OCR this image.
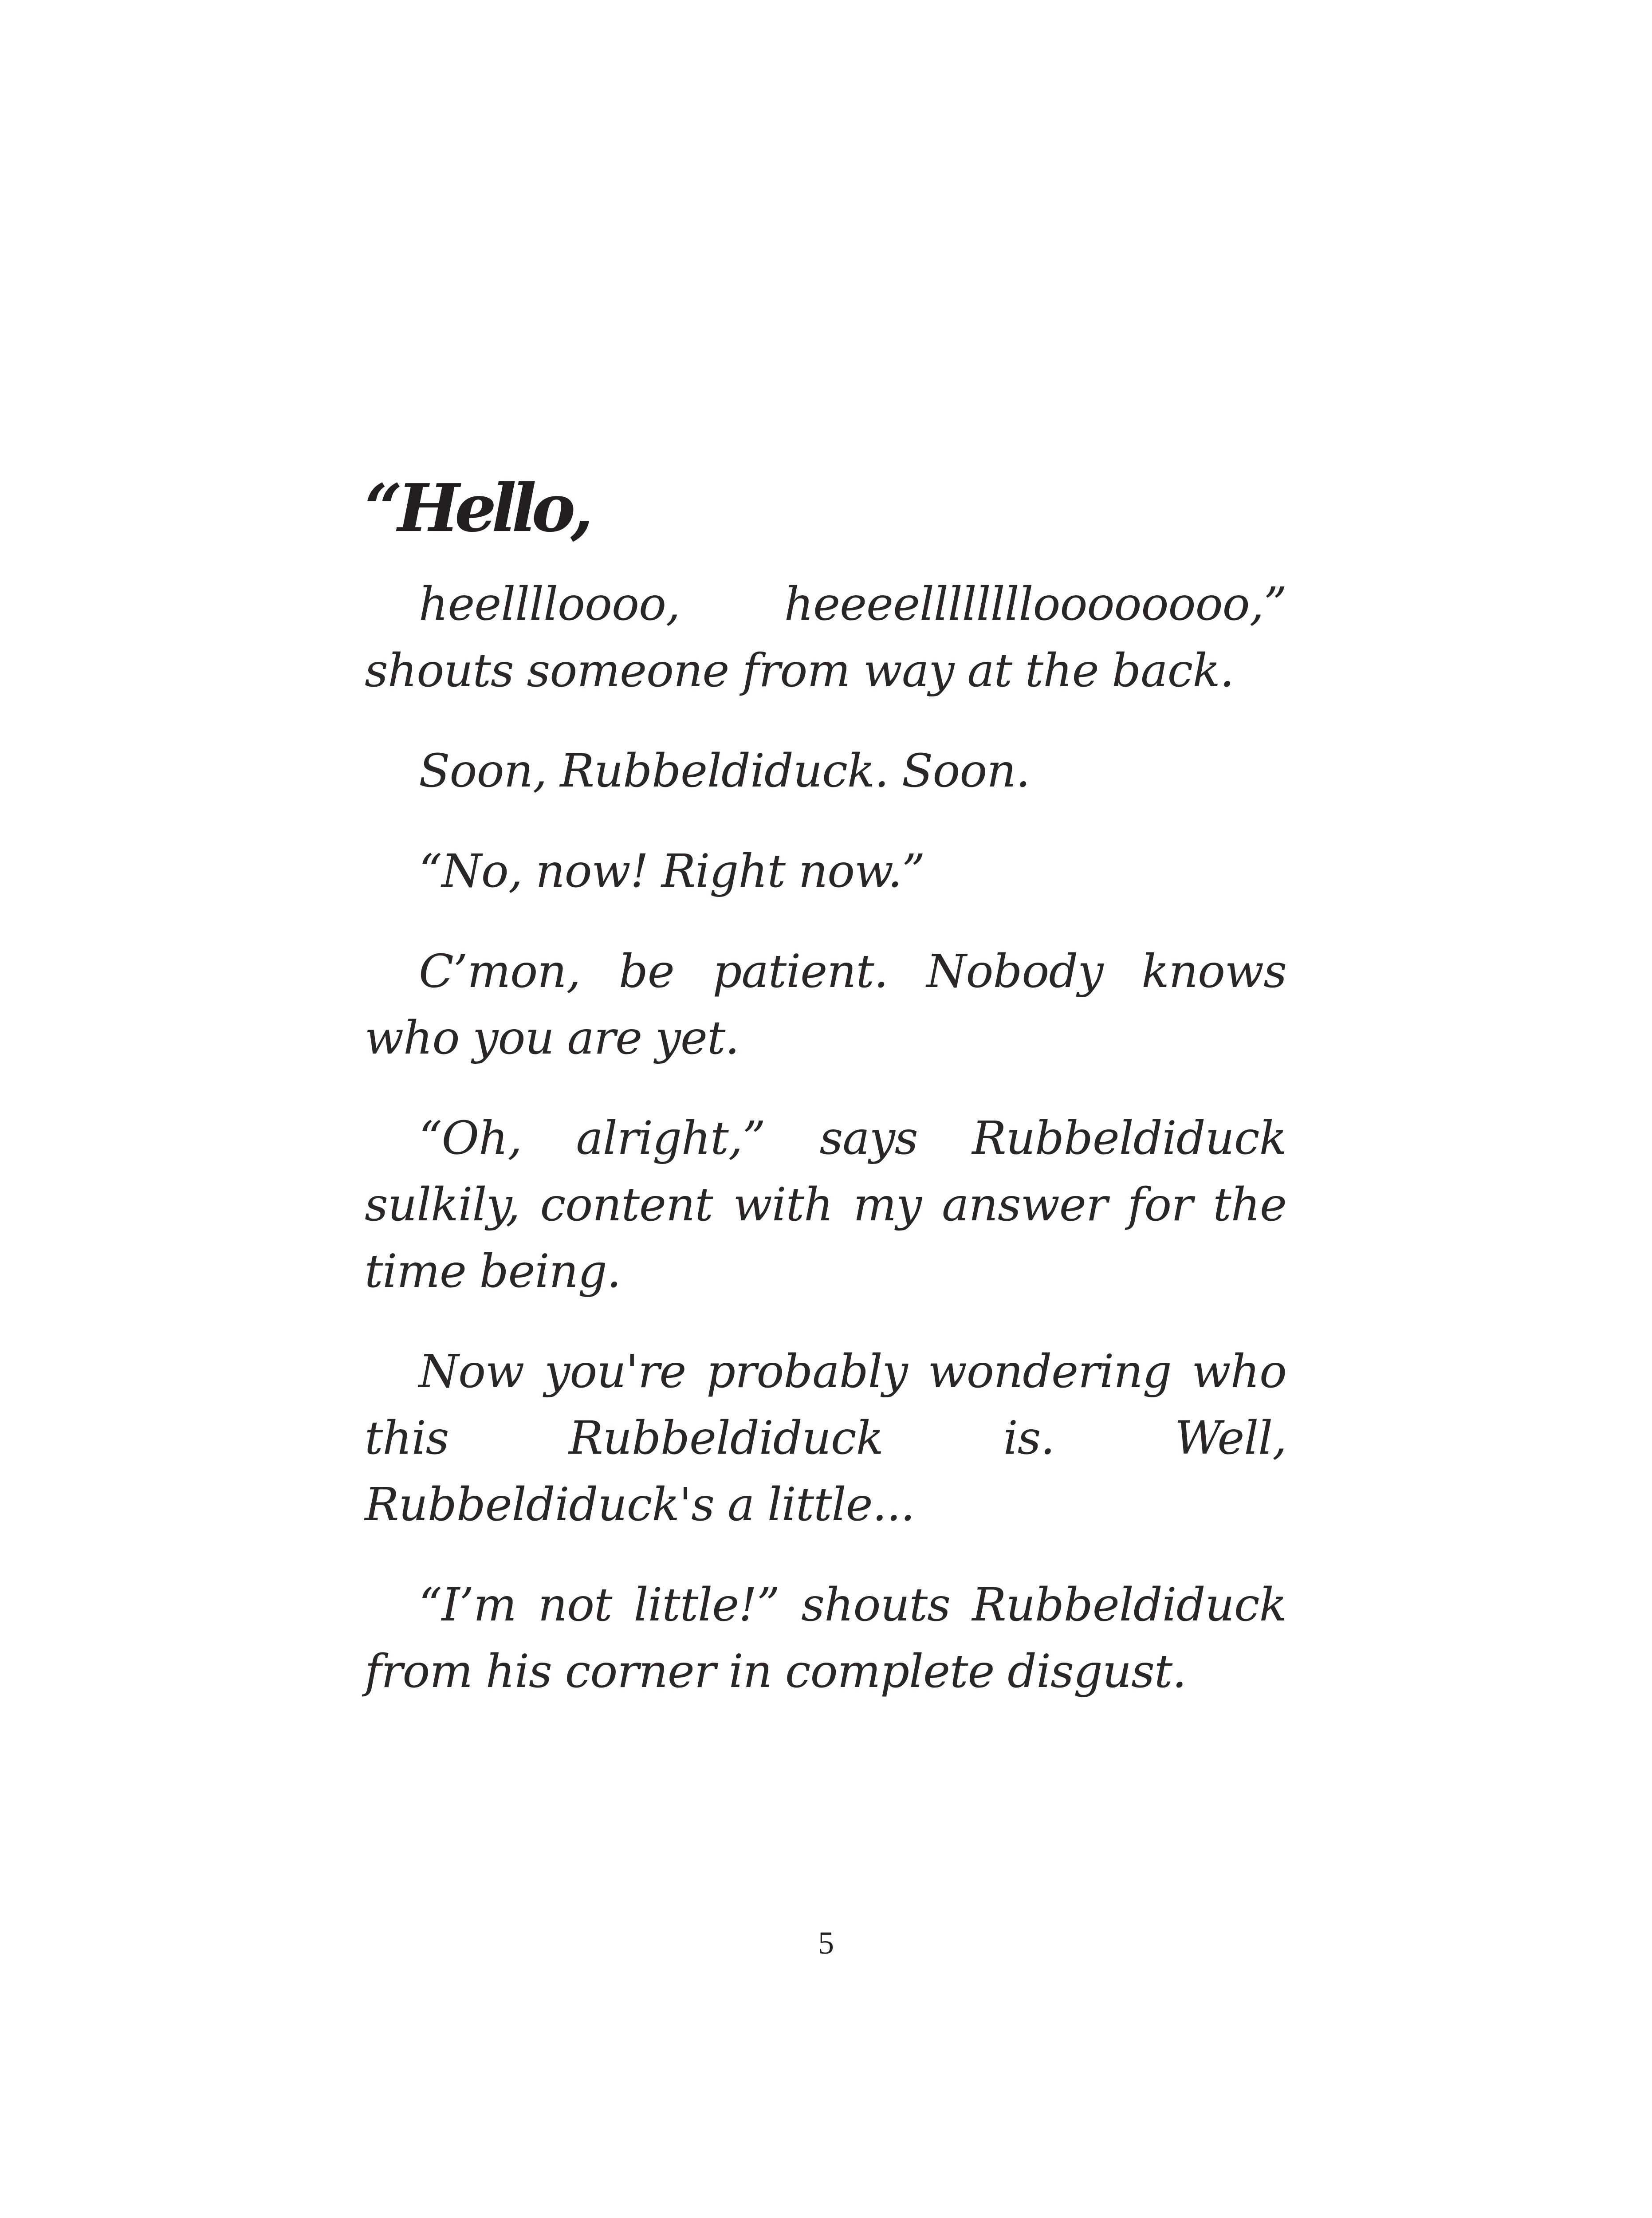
“Hello,

heelllloooo, heeeelllllllloooooooo,” shouts someone from way at the back.

Soon, Rubbeldiduck. Soon.

“No, now! Right now.”

C’mon, be patient. Nobody knows who you are yet.

“Oh, alright,” says Rubbeldiduck sulkily, content with my answer for the time being.

Now you're probably wondering who this Rubbeldiduck is. Well, Rubbeldiduck's a little...

“I’m not little!” shouts Rubbeldiduck from his corner in complete disgust.

5
